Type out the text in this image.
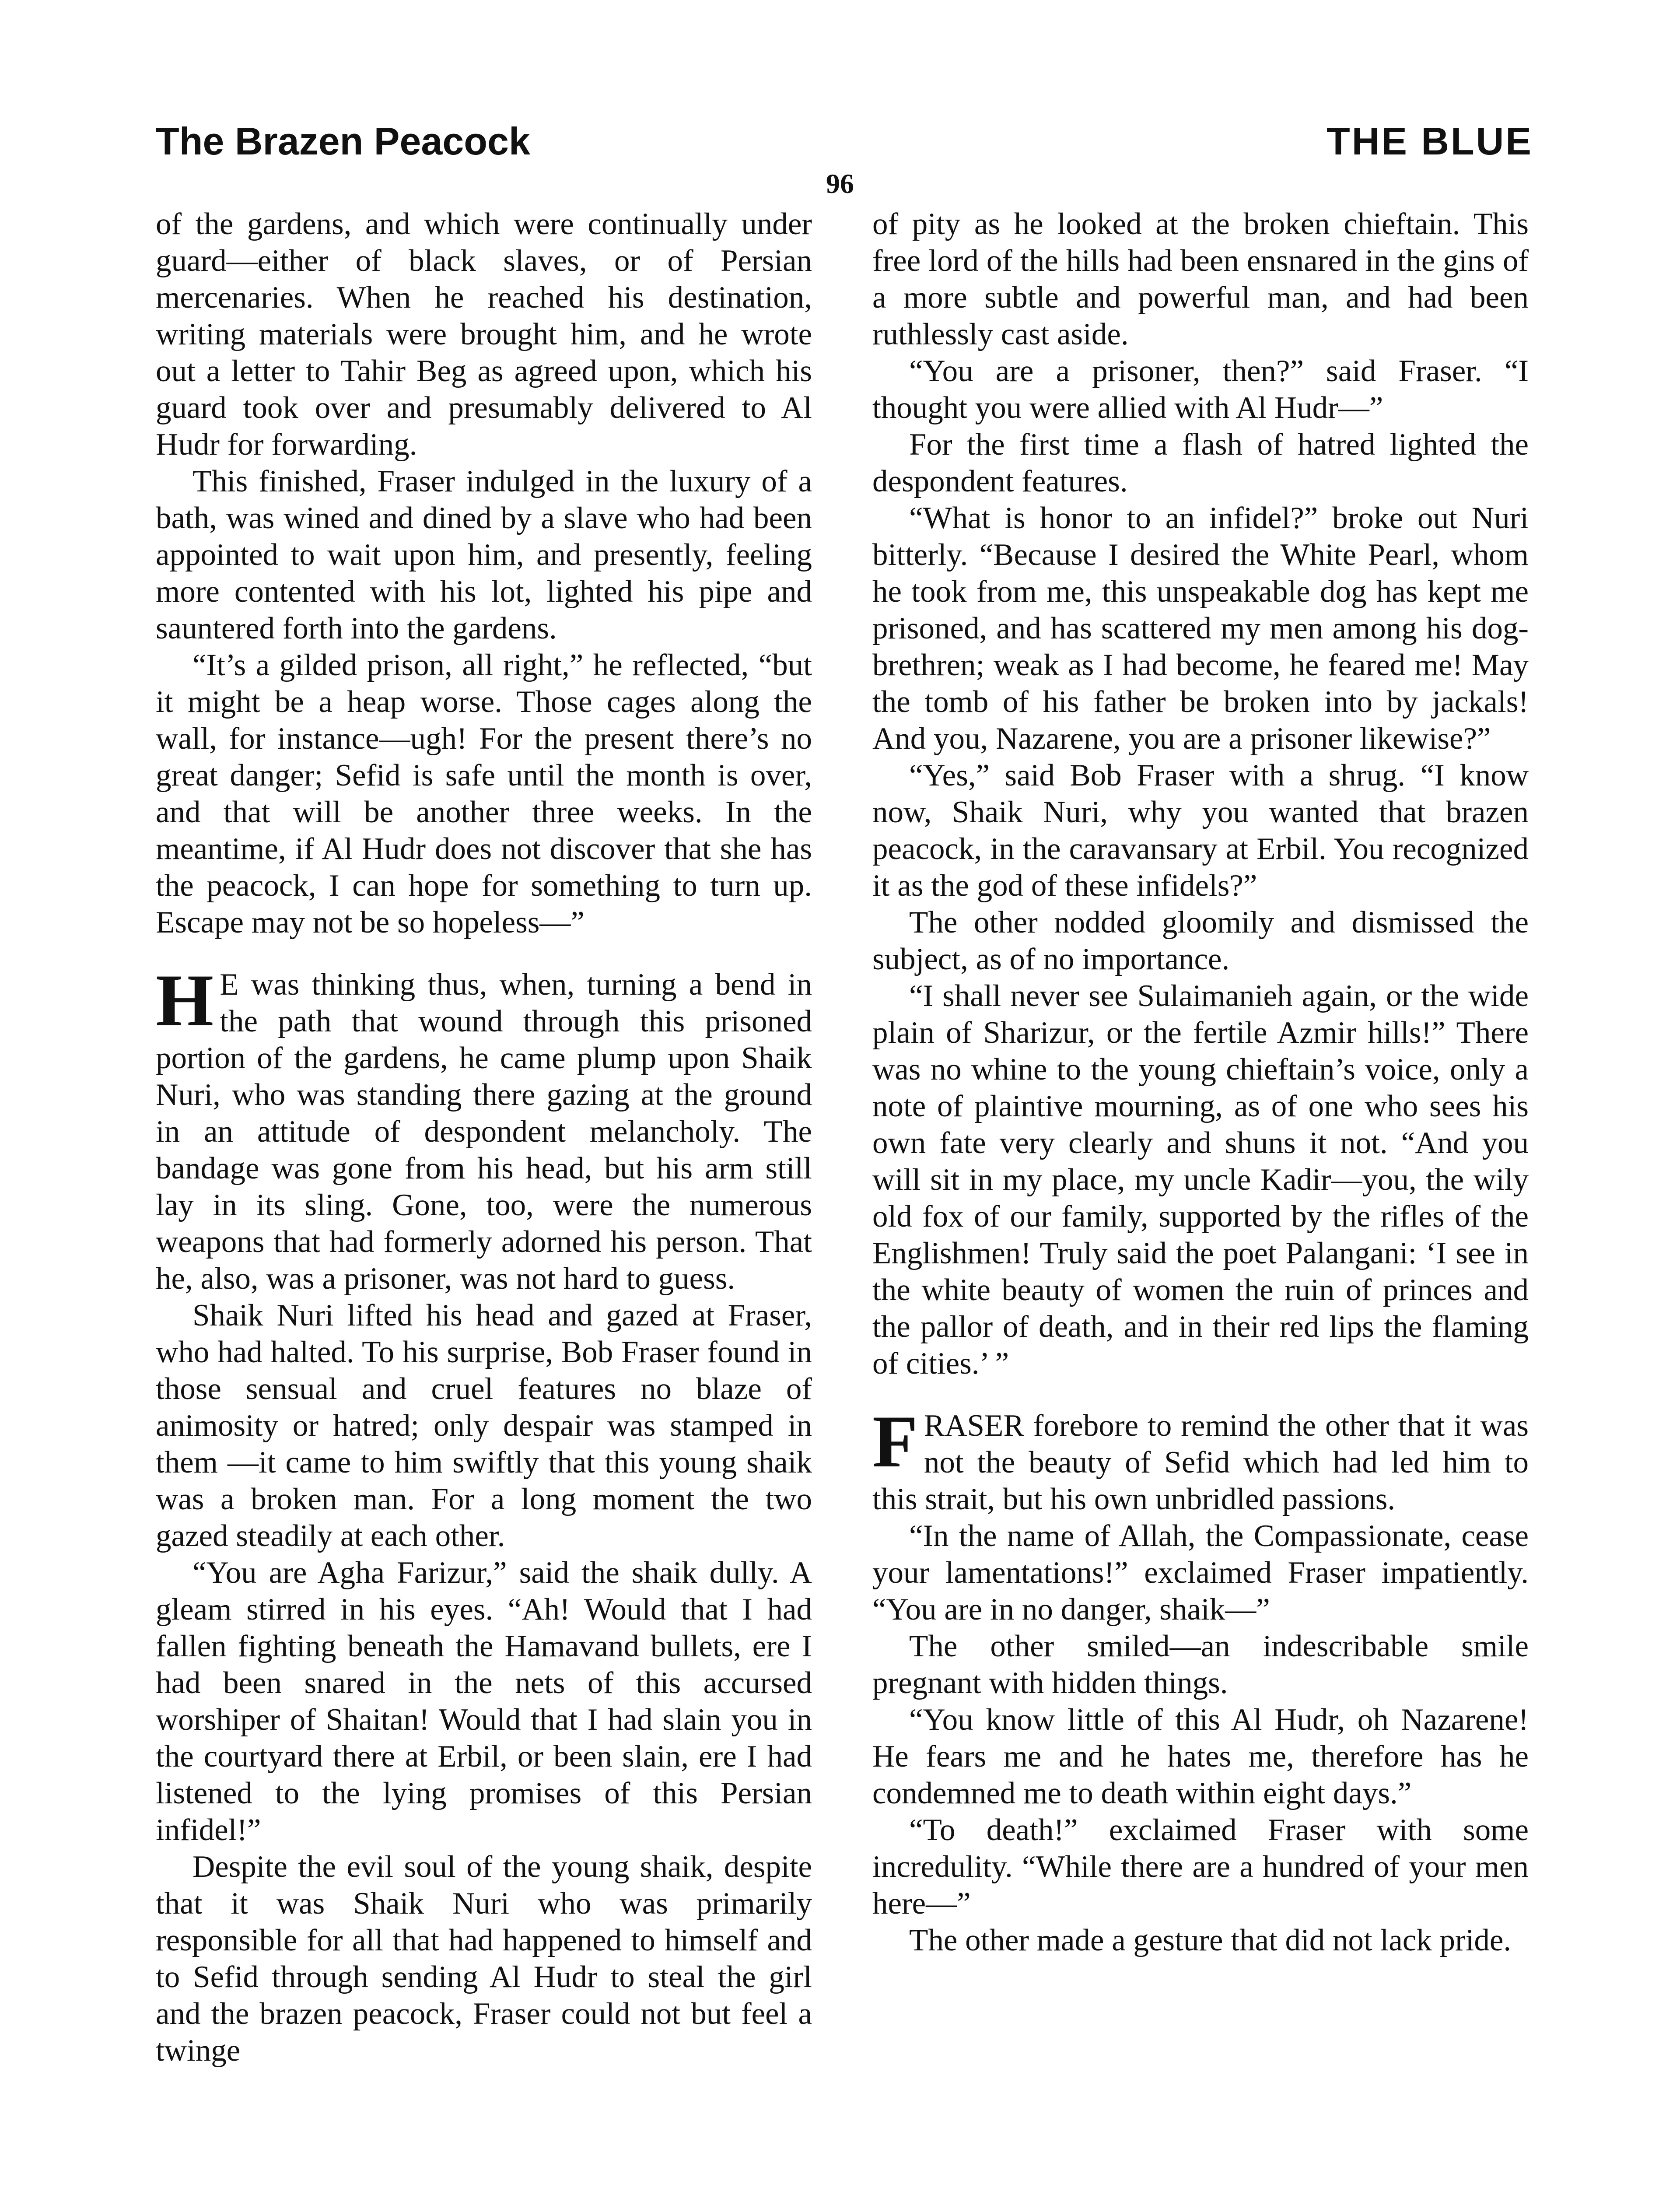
The Brazen Peacock	THE BLUE
96

of the gardens, and which were continually under guard—either of black slaves, or of Persian mercenaries. When he reached his destination, writing materials were brought him, and he wrote out a letter to Tahir Beg as agreed upon, which his guard took over and presumably delivered to Al Hudr for forwarding.

This finished, Fraser indulged in the luxury of a bath, was wined and dined by a slave who had been appointed to wait upon him, and presently, feeling more contented with his lot, lighted his pipe and sauntered forth into the gardens.

“It’s a gilded prison, all right,” he reflected, “but it might be a heap worse. Those cages along the wall, for instance—ugh! For the present there’s no great danger; Sefid is safe until the month is over, and that will be another three weeks. In the meantime, if Al Hudr does not discover that she has the peacock, I can hope for something to turn up. Escape may not be so hopeless—”

H E was thinking thus, when, turning a bend in the path that wound through this prisoned portion of the gardens, he came plump upon Shaik Nuri, who was standing there gazing at the ground in an attitude of despondent melancholy. The bandage was gone from his head, but his arm still lay in its sling. Gone, too, were the numerous weapons that had formerly adorned his person. That he, also, was a prisoner, was not hard to guess.

Shaik Nuri lifted his head and gazed at Fraser, who had halted. To his surprise, Bob Fraser found in those sensual and cruel features no blaze of animosity or hatred; only despair was stamped in them —it came to him swiftly that this young shaik was a broken man. For a long moment the two gazed steadily at each other.

“You are Agha Farizur,” said the shaik dully. A gleam stirred in his eyes. “Ah! Would that I had fallen fighting beneath the Hamavand bullets, ere I had been snared in the nets of this accursed worshiper of Shaitan! Would that I had slain you in the courtyard there at Erbil, or been slain, ere I had listened to the lying promises of this Persian infidel!”

Despite the evil soul of the young shaik, despite that it was Shaik Nuri who was primarily responsible for all that had happened to himself and to Sefid through sending Al Hudr to steal the girl and the brazen peacock, Fraser could not but feel a twinge

of pity as he looked at the broken chieftain. This free lord of the hills had been ensnared in the gins of a more subtle and powerful man, and had been ruthlessly cast aside.

“You are a prisoner, then?” said Fraser. “I thought you were allied with Al Hudr—”

For the first time a flash of hatred lighted the despondent features.

“What is honor to an infidel?” broke out Nuri bitterly. “Because I desired the White Pearl, whom he took from me, this unspeakable dog has kept me prisoned, and has scattered my men among his dog-brethren; weak as I had become, he feared me! May the tomb of his father be broken into by jackals! And you, Nazarene, you are a prisoner likewise?”

“Yes,” said Bob Fraser with a shrug. “I know now, Shaik Nuri, why you wanted that brazen peacock, in the caravansary at Erbil. You recognized it as the god of these infidels?”

The other nodded gloomily and dismissed the subject, as of no importance.

“I shall never see Sulaimanieh again, or the wide plain of Sharizur, or the fertile Azmir hills!” There was no whine to the young chieftain’s voice, only a note of plaintive mourning, as of one who sees his own fate very clearly and shuns it not. “And you will sit in my place, my uncle Kadir—you, the wily old fox of our family, supported by the rifles of the Englishmen! Truly said the poet Palangani: ‘I see in the white beauty of women the ruin of princes and the pallor of death, and in their red lips the flaming of cities.’ ”

FRASER forebore to remind the other that it was not the beauty of Sefid which had led him to this strait, but his own unbridled passions.

“In the name of Allah, the Compassionate, cease your lamentations!” exclaimed Fraser impatiently. “You are in no danger, shaik—”

The other smiled—an indescribable smile pregnant with hidden things.

“You know little of this Al Hudr, oh Nazarene! He fears me and he hates me, therefore has he condemned me to death within eight days.”

“To death!” exclaimed Fraser with some incredulity. “While there are a hundred of your men here—”

The other made a gesture that did not lack pride.
